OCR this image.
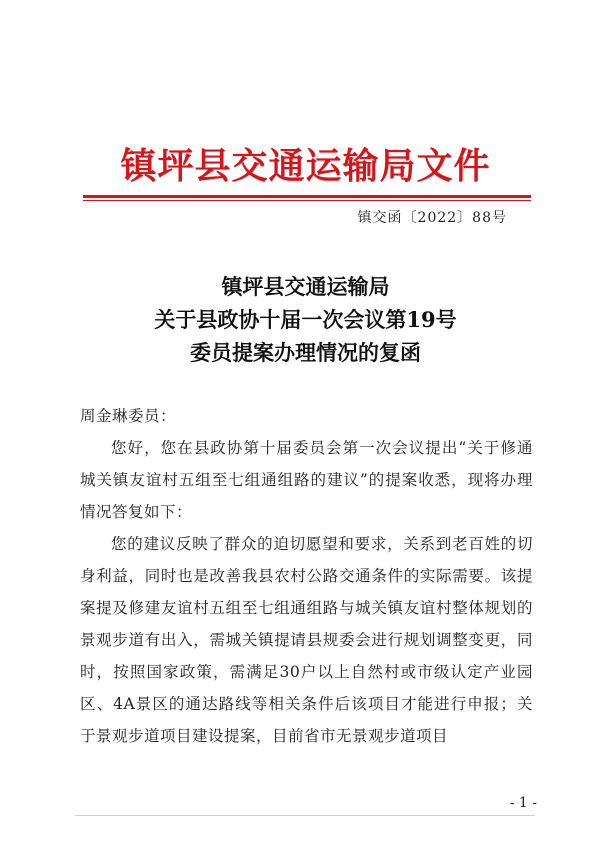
镇坪县交通运输局文件
镇交函〔2022〕88号
镇坪县交通运输局
关于县政协十届一次会议第19号
委员提案办理情况的复函

周金琳委员：

您好，您在县政协第十届委员会第一次会议提出“关于修通城关镇友谊村五组至七组通组路的建议”的提案收悉，现将办理情况答复如下：

您的建议反映了群众的迫切愿望和要求，关系到老百姓的切身利益，同时也是改善我县农村公路交通条件的实际需要。该提案提及修建友谊村五组至七组通组路与城关镇友谊村整体规划的景观步道有出入，需城关镇提请县规委会进行规划调整变更，同时，按照国家政策，需满足30户以上自然村或市级认定产业园区、4A景区的通达路线等相关条件后该项目才能进行申报；关于景观步道项目建设提案，目前省市无景观步道项目

- 1 -
